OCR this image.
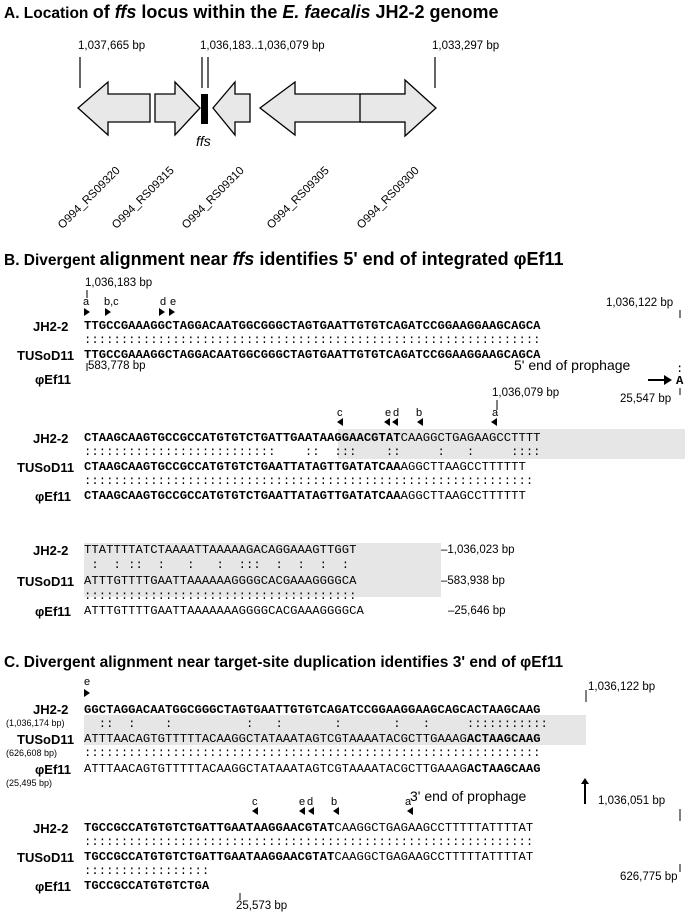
A. Location of ffs locus within the E. faecalis JH2-2 genome
1,037,665 bp	1,036,183..1,036,079 bp	1,033,297 bp
ffs
O994_RS09320
O994_RS09315 O994_RS09310 O994_RS09305 O994_RS09300
B. Divergent alignment near ffs identifies 5' end of integrated φEf11
1,036,183 bp
a b,c	d e	1,036,122 bp
JH2-2 TTGCCGAAAGGCTAGGACAATGGCGGGCTAGTGAATTGTGTCAGATCCGGAAGGAAGCAGCA
::::::::::::::::::::::::::::::::::::::::::::::::::::::::::::::
TUSoD11 TTGCCGAAAGGCTAGGACAATGGCGGGCTAGTGAATTGTGTCAGATCCGGAAGGAAGCAGCA
583,778 bp
φEf11
5' end of prophage	:
A
25,547 bp
1,036,079 bp
c	e d b	a
JH2-2 CTAAGCAAGTGCCGCCATGTGTCTGATTGAATAAGGAACGTATCAAGGCTGAGAAGCCTTTT
::::::::::::::::::::::::::    ::  :::    ::     :   :     ::::
TUSoD11 CTAAGCAAGTGCCGCCATGTGTCTGAATTATAGTTGATATCAAAGGCTTAAGCCTTTTTT
:::::::::::::::::::::::::::::::::::::::::::::::::::::::::::::
φEf11 CTAAGCAAGTGCCGCCATGTGTCTGAATTATAGTTGATATCAAAGGCTTAAGCCTTTTTT
JH2-2 TTATTTTATCTAAAATTAAAAAGACAGGAAAGTTGGT	–1,036,023 bp
:  : ::  :   :   :  :::  :  :  :  :
TUSoD11 ATTTGTTTTGAATTAAAAAAGGGGCACGAAAGGGGCA	–583,938 bp
:::::::::::::::::::::::::::::::::::::
φEf11 ATTTGTTTTGAATTAAAAAAAGGGGCACGAAAGGGGCA	–25,646 bp
C. Divergent alignment near target-site duplication identifies 3' end of φEf11
e	1,036,122 bp
JH2-2
(1,036,174 bp)
GGCTAGGACAATGGCGGGCTAGTGAATTGTGTCAGATCCGGAAGGAAGCAGCACTAAGCAAG
::  :    :          :   :       :       :   :     :::::::::::
TUSoD11
(626,608 bp)
ATTTAACAGTGTTTTTACAAGGCTATAAATAGTCGTAAAATACGCTTGAAAGACTAAGCAAG
::::::::::::::::::::::::::::::::::::::::::::::::::::::::::::::
φEf11
(25,495 bp)
ATTTAACAGTGTTTTTACAAGGCTATAAATAGTCGTAAAATACGCTTGAAAGACTAAGCAAG
3' end of prophage	1,036,051 bp
c	e d b	a
JH2-2 TGCCGCCATGTGTCTGATTGAATAAGGAACGTATCAAGGCTGAGAAGCCTTTTTATTTTAT
:::::::::::::::::::::::::::::::::::::::::::::::::::::::::::::
TUSoD11 TGCCGCCATGTGTCTGATTGAATAAGGAACGTATCAAGGCTGAGAAGCCTTTTTATTTTAT
626,775 bp
:::::::::::::::::
φEf11 TGCCGCCATGTGTCTGA
25,573 bp
